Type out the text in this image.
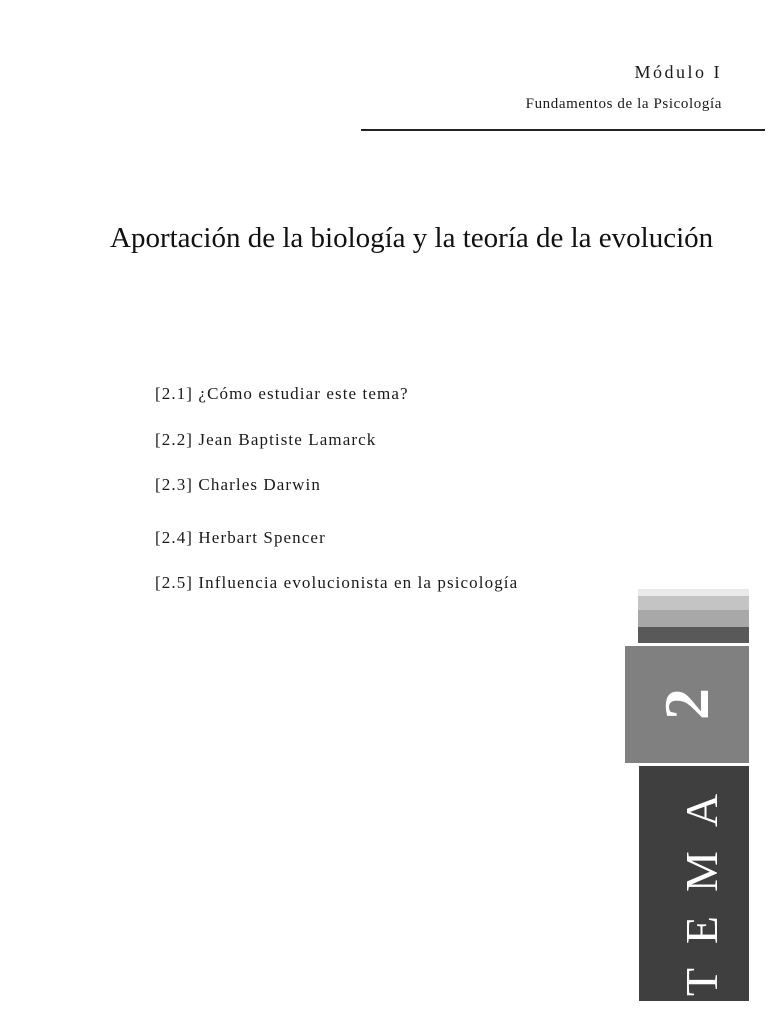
Módulo I
Fundamentos de la Psicología
Aportación de la biología y la teoría de la evolución
[2.1] ¿Cómo estudiar este tema?
[2.2] Jean Baptiste Lamarck
[2.3] Charles Darwin
[2.4] Herbart Spencer
[2.5] Influencia evolucionista en la psicología
2
TEMA
